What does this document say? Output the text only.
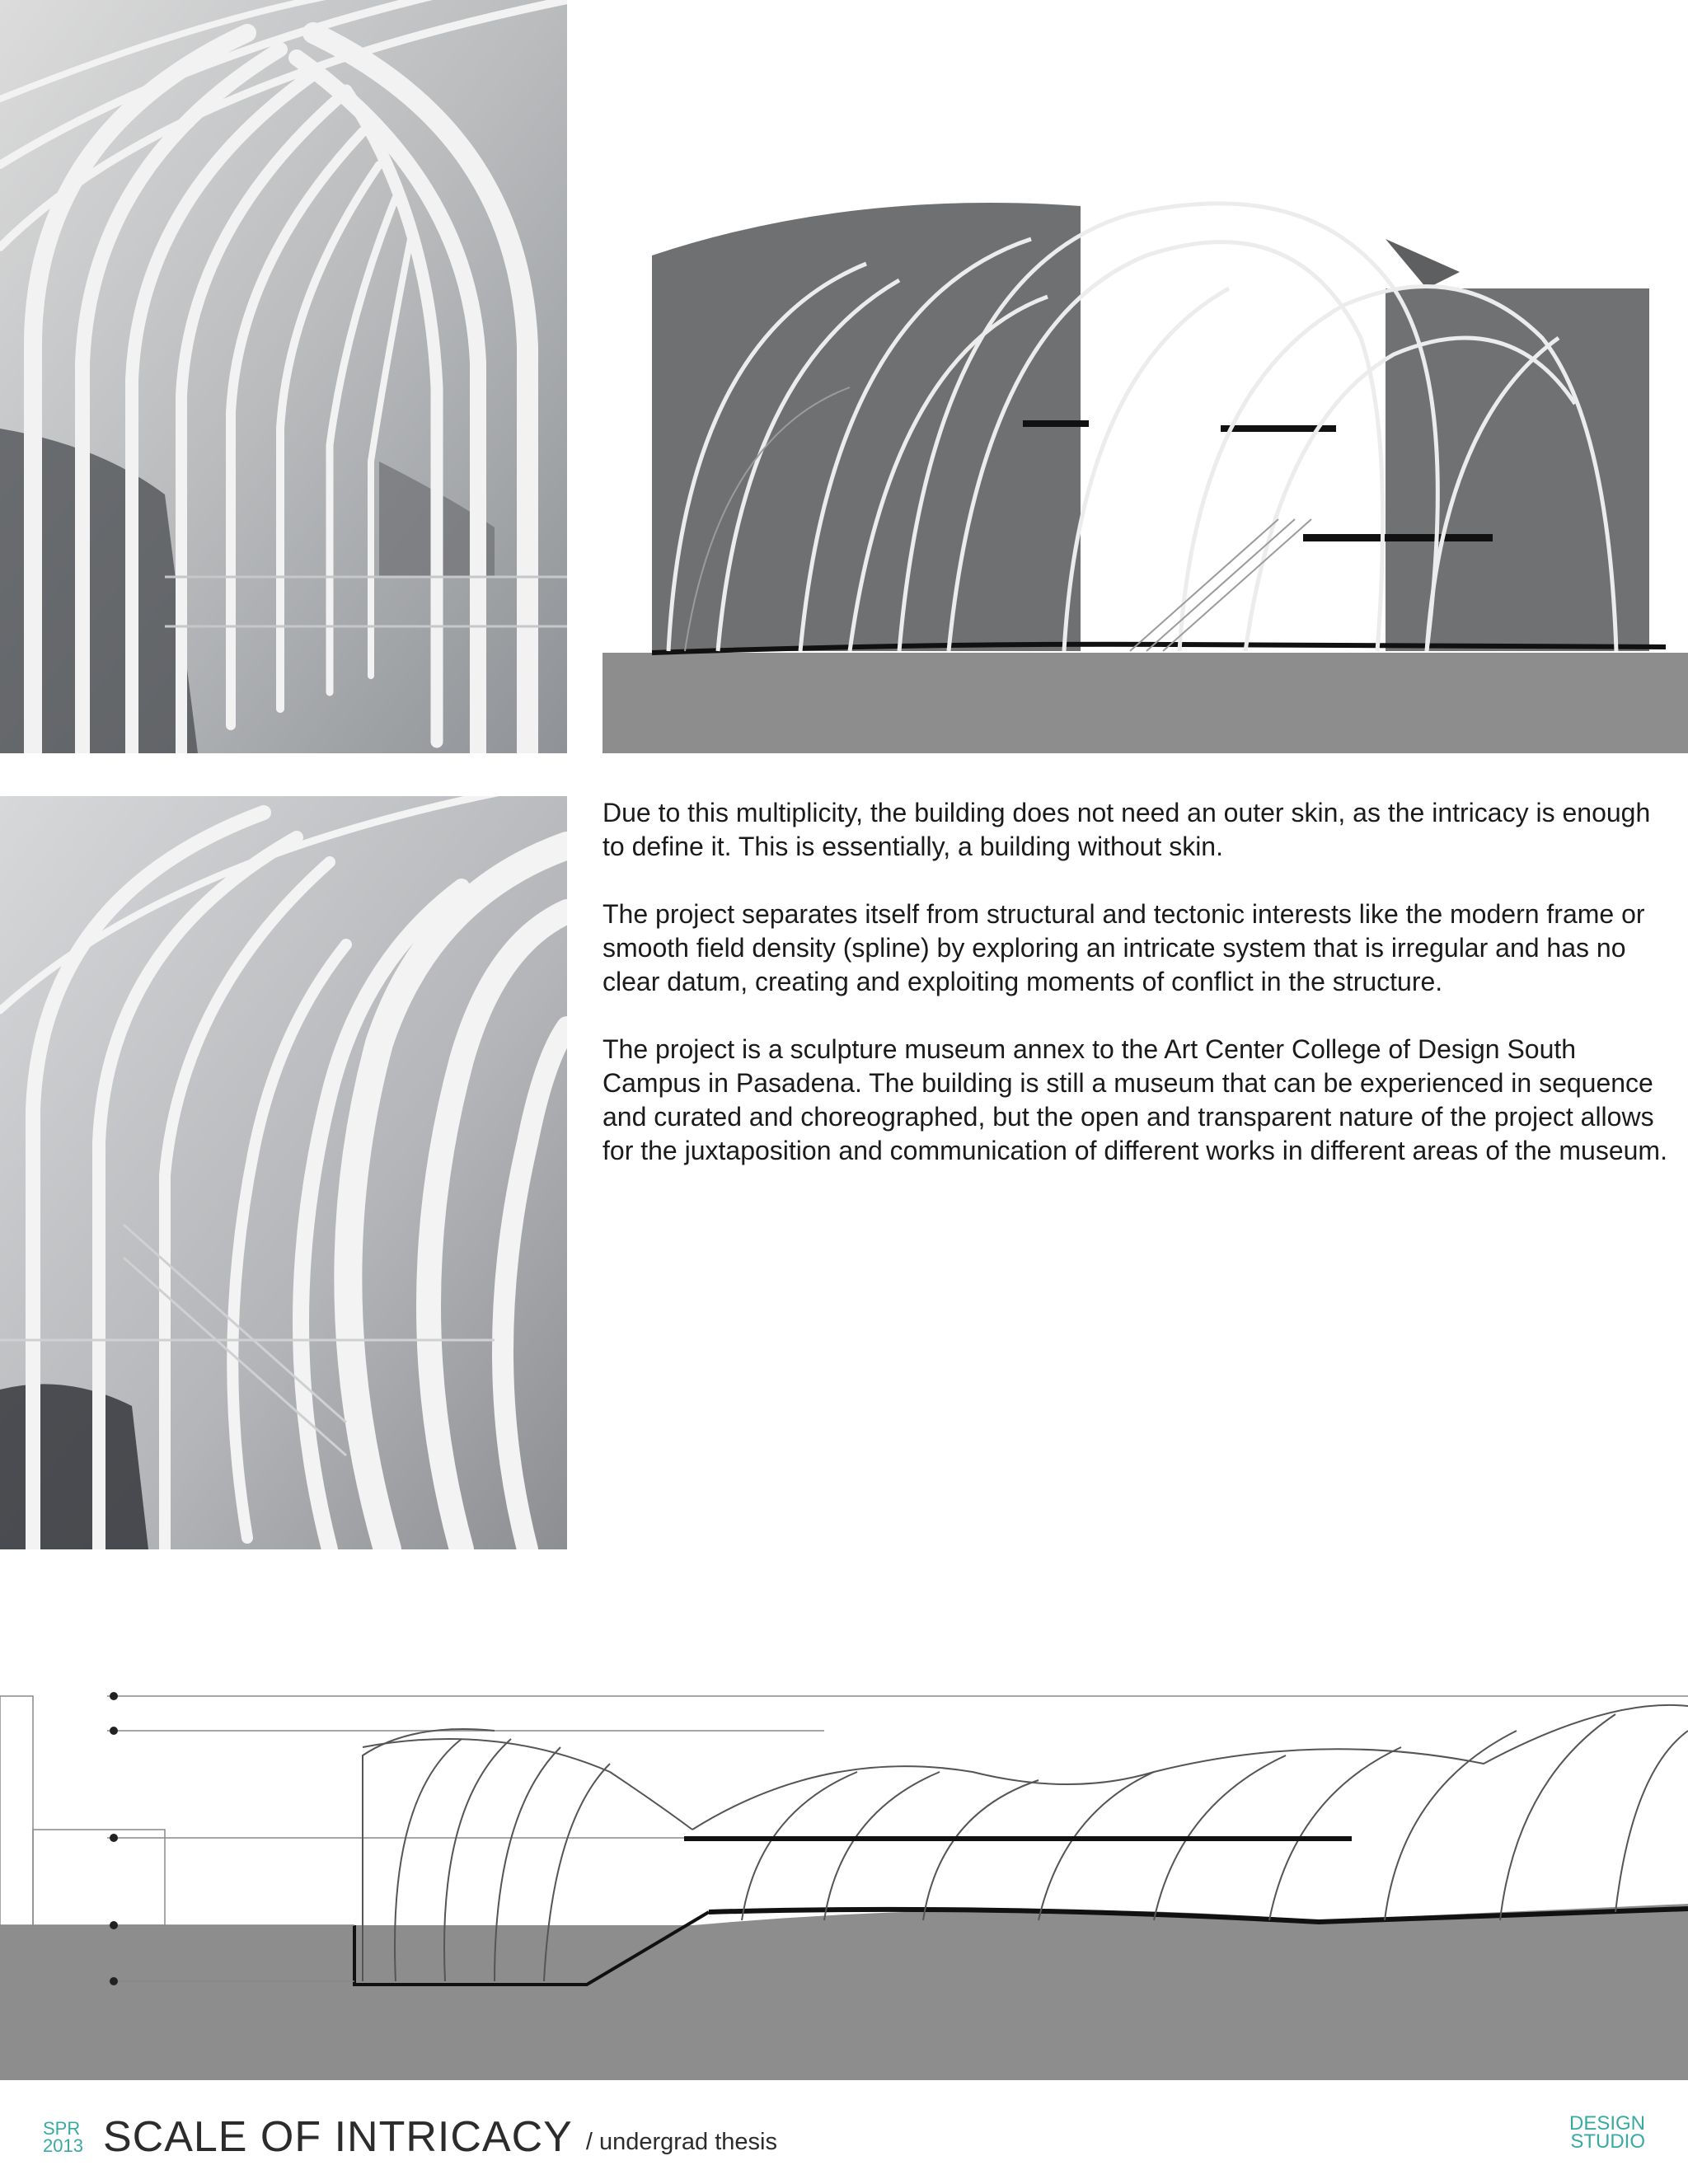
Due to this multiplicity, the building does not need an outer skin, as the intricacy is enough to define it. This is essentially, a building without skin.

The project separates itself from structural and tectonic interests like the modern frame or smooth field density (spline) by exploring an intricate system that is irregular and has no clear datum, creating and exploiting moments of conflict in the structure.

The project is a sculpture museum annex to the Art Center College of Design South Campus in Pasadena. The building is still a museum that can be experienced in sequence and curated and choreographed, but the open and transparent nature of the project allows for the juxtaposition and communication of different works in different areas of the museum.

SPR
2013 SCALE OF INTRICACY / undergrad thesis
DESIGN
STUDIO
